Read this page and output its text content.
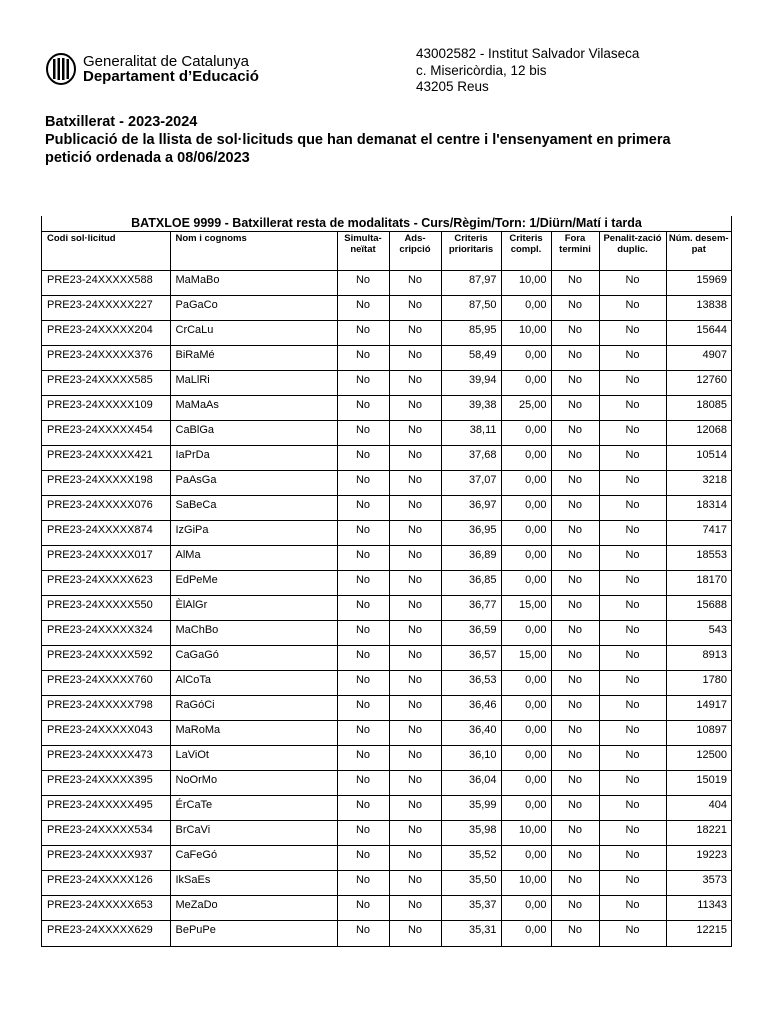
Generalitat de Catalunya
Departament d’Educació
43002582 - Institut Salvador Vilaseca
c. Misericòrdia, 12 bis
43205 Reus
Batxillerat - 2023-2024
Publicació de la llista de sol·licituds que han demanat el centre i l'ensenyament en primera
petició ordenada a 08/06/2023
BATXLOE 9999 - Batxillerat resta de modalitats - Curs/Règim/Torn: 1/Diürn/Matí i tarda
Codi sol·licitud	Nom i cognoms	Simulta-neïtat	Ads-cripció	Criteris prioritaris	Criteris compl.	Fora termini	Penalit-zació duplic.	Núm. desem-pat
PRE23-24XXXXX588	MaMaBo	No	No	87,97	10,00	No	No	15969
PRE23-24XXXXX227	PaGaCo	No	No	87,50	0,00	No	No	13838
PRE23-24XXXXX204	CrCaLu	No	No	85,95	10,00	No	No	15644
PRE23-24XXXXX376	BiRaMé	No	No	58,49	0,00	No	No	4907
PRE23-24XXXXX585	MaLlRi	No	No	39,94	0,00	No	No	12760
PRE23-24XXXXX109	MaMaAs	No	No	39,38	25,00	No	No	18085
PRE23-24XXXXX454	CaBlGa	No	No	38,11	0,00	No	No	12068
PRE23-24XXXXX421	IaPrDa	No	No	37,68	0,00	No	No	10514
PRE23-24XXXXX198	PaAsGa	No	No	37,07	0,00	No	No	3218
PRE23-24XXXXX076	SaBeCa	No	No	36,97	0,00	No	No	18314
PRE23-24XXXXX874	IzGiPa	No	No	36,95	0,00	No	No	7417
PRE23-24XXXXX017	AlMa	No	No	36,89	0,00	No	No	18553
PRE23-24XXXXX623	EdPeMe	No	No	36,85	0,00	No	No	18170
PRE23-24XXXXX550	ÈlAlGr	No	No	36,77	15,00	No	No	15688
PRE23-24XXXXX324	MaChBo	No	No	36,59	0,00	No	No	543
PRE23-24XXXXX592	CaGaGó	No	No	36,57	15,00	No	No	8913
PRE23-24XXXXX760	AlCoTa	No	No	36,53	0,00	No	No	1780
PRE23-24XXXXX798	RaGóCi	No	No	36,46	0,00	No	No	14917
PRE23-24XXXXX043	MaRoMa	No	No	36,40	0,00	No	No	10897
PRE23-24XXXXX473	LaViOt	No	No	36,10	0,00	No	No	12500
PRE23-24XXXXX395	NoOrMo	No	No	36,04	0,00	No	No	15019
PRE23-24XXXXX495	ÉrCaTe	No	No	35,99	0,00	No	No	404
PRE23-24XXXXX534	BrCaVi	No	No	35,98	10,00	No	No	18221
PRE23-24XXXXX937	CaFeGó	No	No	35,52	0,00	No	No	19223
PRE23-24XXXXX126	IkSaEs	No	No	35,50	10,00	No	No	3573
PRE23-24XXXXX653	MeZaDo	No	No	35,37	0,00	No	No	11343
PRE23-24XXXXX629	BePuPe	No	No	35,31	0,00	No	No	12215
